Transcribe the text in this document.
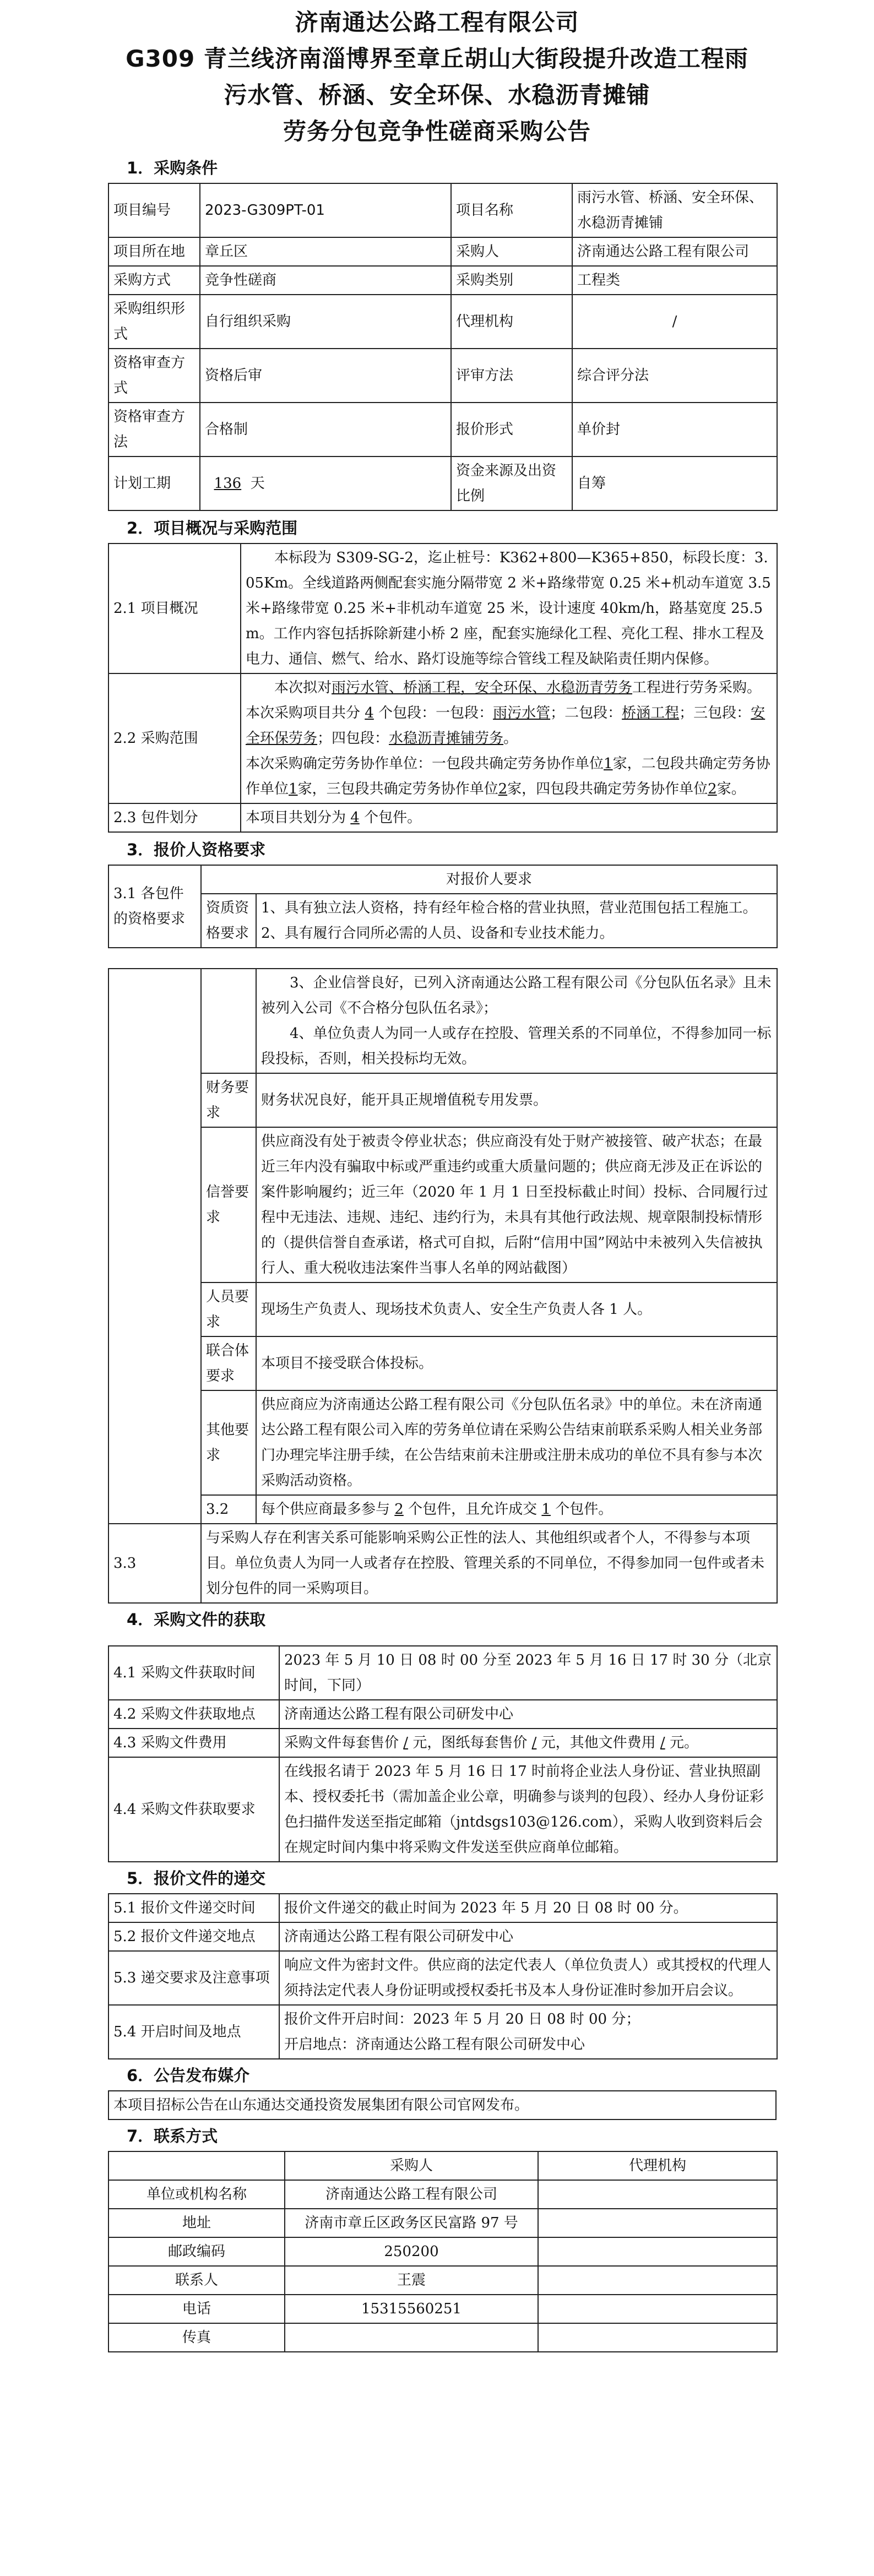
济南通达公路工程有限公司
G309 青兰线济南淄博界至章丘胡山大街段提升改造工程雨
污水管、桥涵、安全环保、水稳沥青摊铺
劳务分包竞争性磋商采购公告
1．采购条件
项目编号	2023-G309PT-01	项目名称	雨污水管、桥涵、安全环保、水稳沥青摊铺
项目所在地	章丘区	采购人	济南通达公路工程有限公司
采购方式	竞争性磋商	采购类别	工程类
采购组织形式	自行组织采购	代理机构	/
资格审查方式	资格后审	评审方法	综合评分法
资格审查方法	合格制	报价形式	单价封
计划工期	136 天	资金来源及出资比例	自筹
2．项目概况与采购范围
2.1 项目概况	本标段为 S309-SG-2，迄止桩号：K362+800—K365+850，标段长度：3.05Km。全线道路两侧配套实施分隔带宽 2 米+路缘带宽 0.25 米+机动车道宽 3.5 米+路缘带宽 0.25 米+非机动车道宽 25 米，设计速度 40km/h，路基宽度 25.5m。工作内容包括拆除新建小桥 2 座，配套实施绿化工程、亮化工程、排水工程及电力、通信、燃气、给水、路灯设施等综合管线工程及缺陷责任期内保修。
2.2 采购范围	本次拟对雨污水管、桥涵工程，安全环保、水稳沥青劳务工程进行劳务采购。本次采购项目共分 4 个包段：一包段：雨污水管；二包段：桥涵工程；三包段：安全环保劳务；四包段：水稳沥青摊铺劳务。
本次采购确定劳务协作单位：一包段共确定劳务协作单位1家，二包段共确定劳务协作单位1家，三包段共确定劳务协作单位2家，四包段共确定劳务协作单位2家。

2.3 包件划分	本项目共划分为 4 个包件。
3．报价人资格要求
3.1 各包件的资格要求	对报价人要求	
	资质资格要求	1、具有独立法人资格，持有经年检合格的营业执照，营业范围包括工程施工。
2、具有履行合同所必需的人员、设备和专业技术能力。

		3、企业信誉良好，已列入济南通达公路工程有限公司《分包队伍名录》且未被列入公司《不合格分包队伍名录》；
4、单位负责人为同一人或存在控股、管理关系的不同单位，不得参加同一标段投标，否则，相关投标均无效。

	财务要求	财务状况良好，能开具正规增值税专用发票。
	信誉要求	供应商没有处于被责令停业状态；供应商没有处于财产被接管、破产状态；在最近三年内没有骗取中标或严重违约或重大质量问题的；供应商无涉及正在诉讼的案件影响履约；近三年（2020 年 1 月 1 日至投标截止时间）投标、合同履行过程中无违法、违规、违纪、违约行为，未具有其他行政法规、规章限制投标情形的（提供信誉自查承诺，格式可自拟，后附“信用中国”网站中未被列入失信被执行人、重大税收违法案件当事人名单的网站截图）
	人员要求	现场生产负责人、现场技术负责人、安全生产负责人各 1 人。
	联合体要求	本项目不接受联合体投标。
	其他要求	供应商应为济南通达公路工程有限公司《分包队伍名录》中的单位。未在济南通达公路工程有限公司入库的劳务单位请在采购公告结束前联系采购人相关业务部门办理完毕注册手续，在公告结束前未注册或注册未成功的单位不具有参与本次采购活动资格。
	3.2	每个供应商最多参与 2 个包件，且允许成交 1 个包件。
3.3	与采购人存在利害关系可能影响采购公正性的法人、其他组织或者个人，不得参与本项目。单位负责人为同一人或者存在控股、管理关系的不同单位，不得参加同一包件或者未划分包件的同一采购项目。	
4．采购文件的获取
4.1 采购文件获取时间	2023 年 5 月 10 日 08 时 00 分至 2023 年 5 月 16 日 17 时 30 分（北京时间，下同）
4.2 采购文件获取地点	济南通达公路工程有限公司研发中心
4.3 采购文件费用	采购文件每套售价 / 元，图纸每套售价 / 元，其他文件费用 / 元。
4.4 采购文件获取要求	在线报名请于 2023 年 5 月 16 日 17 时前将企业法人身份证、营业执照副本、授权委托书（需加盖企业公章，明确参与谈判的包段）、经办人身份证彩色扫描件发送至指定邮箱（jntdsgs103@126.com），采购人收到资料后会在规定时间内集中将采购文件发送至供应商单位邮箱。
5．报价文件的递交
5.1 报价文件递交时间	报价文件递交的截止时间为 2023 年 5 月 20 日 08 时 00 分。
5.2 报价文件递交地点	济南通达公路工程有限公司研发中心
5.3 递交要求及注意事项	响应文件为密封文件。供应商的法定代表人（单位负责人）或其授权的代理人须持法定代表人身份证明或授权委托书及本人身份证准时参加开启会议。
5.4 开启时间及地点	报价文件开启时间：2023 年 5 月 20 日 08 时 00 分；
开启地点：济南通达公路工程有限公司研发中心
6．公告发布媒介
本项目招标公告在山东通达交通投资发展集团有限公司官网发布。
7．联系方式
	采购人	代理机构
单位或机构名称	济南通达公路工程有限公司	
地址	济南市章丘区政务区民富路 97 号	
邮政编码	250200	
联系人	王震	
电话	15315560251	
传真		
